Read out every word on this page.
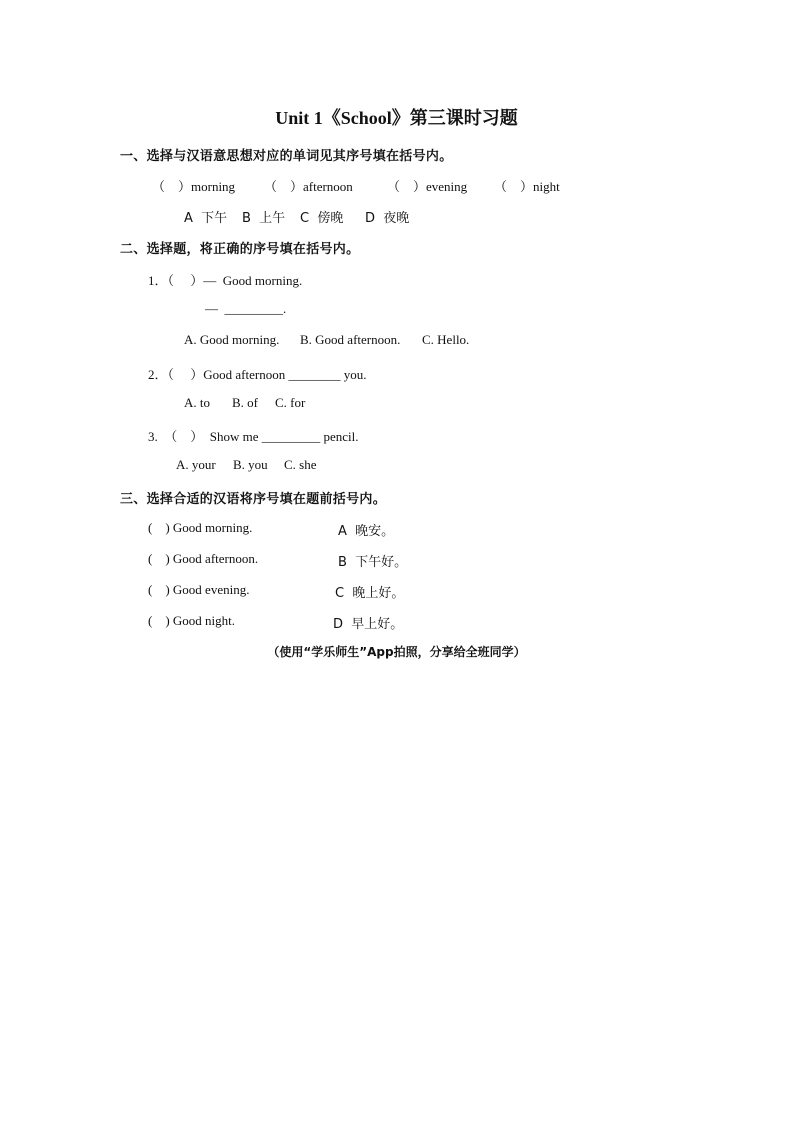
Unit 1《School》第三课时习题
一、选择与汉语意思想对应的单词见其序号填在括号内。
（    ）morning （    ）afternoon	（    ）evening （    ）night
A  下午 B  上午 C  傍晚 D  夜晚
二、选择题，将正确的序号填在括号内。
1．（     ）—  Good morning.
—  _________.
A. Good morning. B. Good afternoon. C. Hello.
2．（     ）Good afternoon ________ you.
A. to B. of C. for
3.  （    ）  Show me _________ pencil.
A. your B. you C. she
三、选择合适的汉语将序号填在题前括号内。
(    ) Good morning.	A  晚安。
(    ) Good afternoon.	B  下午好。
(    ) Good evening.	C  晚上好。
(    ) Good night.	D  早上好。
（使用“学乐师生”App拍照，分享给全班同学）
